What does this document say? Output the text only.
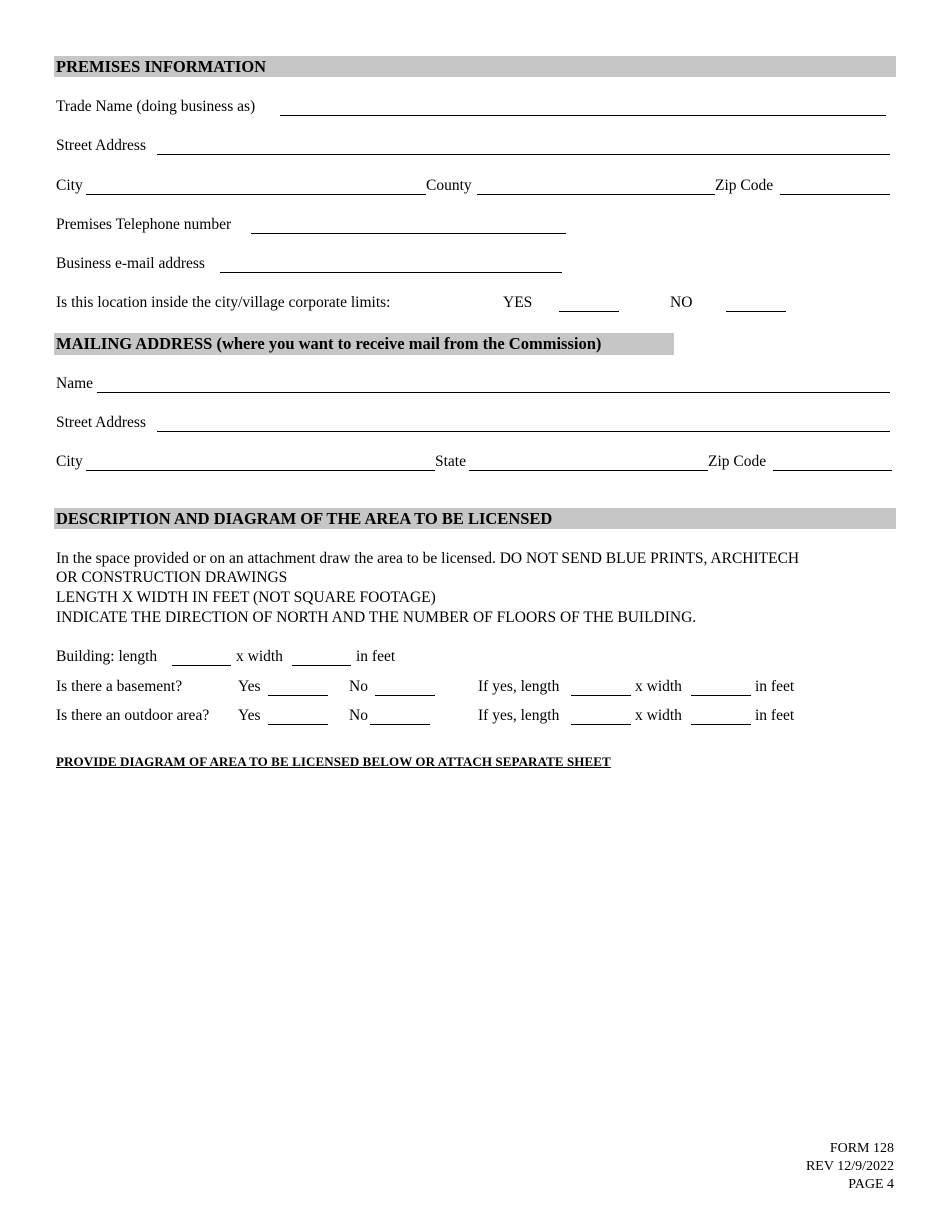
PREMISES INFORMATION
Trade Name (doing business as)
Street Address
City	County	Zip Code
Premises Telephone number
Business e-mail address
Is this location inside the city/village corporate limits:	YES	NO
MAILING ADDRESS (where you want to receive mail from the Commission)
Name
Street Address
City	State	Zip Code
DESCRIPTION AND DIAGRAM OF THE AREA TO BE LICENSED
In the space provided or on an attachment draw the area to be licensed. DO NOT SEND BLUE PRINTS, ARCHITECH
OR CONSTRUCTION DRAWINGS
LENGTH X WIDTH IN FEET (NOT SQUARE FOOTAGE)
INDICATE THE DIRECTION OF NORTH AND THE NUMBER OF FLOORS OF THE BUILDING.
Building: length	x width	in feet
Is there a basement?	Yes	No	If yes, length	x width	in feet
Is there an outdoor area? Yes	No	If yes, length	x width	in feet
PROVIDE DIAGRAM OF AREA TO BE LICENSED BELOW OR ATTACH SEPARATE SHEET
FORM 128
REV 12/9/2022
PAGE 4
